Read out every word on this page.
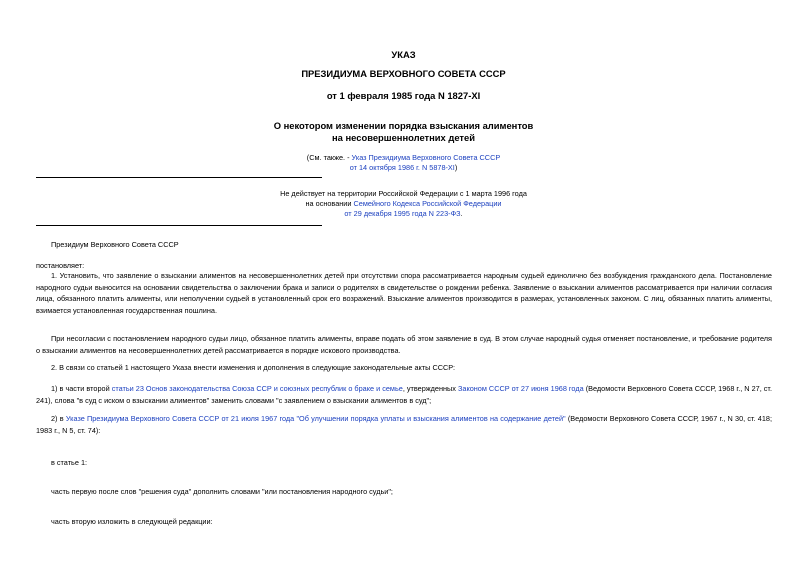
УКАЗ
ПРЕЗИДИУМА ВЕРХОВНОГО СОВЕТА СССР
от 1 февраля 1985 года N 1827-XI
О некотором изменении порядка взыскания алиментов
на несовершеннолетних детей
(См. также. - Указ Президиума Верховного Совета СССР
от 14 октября 1986 г. N 5878-XI)
Не действует на территории Российской Федерации с 1 марта 1996 года
на основании Семейного Кодекса Российской Федерации
от 29 декабря 1995 года N 223-ФЗ.
Президиум Верховного Совета СССР
постановляет:
1. Установить, что заявление о взыскании алиментов на несовершеннолетних детей при отсутствии спора рассматривается народным судьей единолично без возбуждения гражданского дела. Постановление народного судьи выносится на основании свидетельства о заключении брака и записи о родителях в свидетельстве о рождении ребенка. Заявление о взыскании алиментов рассматривается при наличии согласия лица, обязанного платить алименты, или неполучении судьей в установленный срок его возражений. Взыскание алиментов производится в размерах, установленных законом. С лиц, обязанных платить алименты, взимается установленная государственная пошлина.
При несогласии с постановлением народного судьи лицо, обязанное платить алименты, вправе подать об этом заявление в суд. В этом случае народный судья отменяет постановление, и требование родителя о взыскании алиментов на несовершеннолетних детей рассматривается в порядке искового производства.
2. В связи со статьей 1 настоящего Указа внести изменения и дополнения в следующие законодательные акты СССР:
1) в части второй статьи 23 Основ законодательства Союза ССР и союзных республик о браке и семье, утвержденных Законом СССР от 27 июня 1968 года (Ведомости Верховного Совета СССР, 1968 г., N 27, ст. 241), слова "в суд с иском о взыскании алиментов" заменить словами "с заявлением о взыскании алиментов в суд";
2) в Указе Президиума Верховного Совета СССР от 21 июля 1967 года "Об улучшении порядка уплаты и взыскания алиментов на содержание детей" (Ведомости Верховного Совета СССР, 1967 г., N 30, ст. 418; 1983 г., N 5, ст. 74):
в статье 1:
часть первую после слов "решения суда" дополнить словами "или постановления народного судьи";
часть вторую изложить в следующей редакции:
